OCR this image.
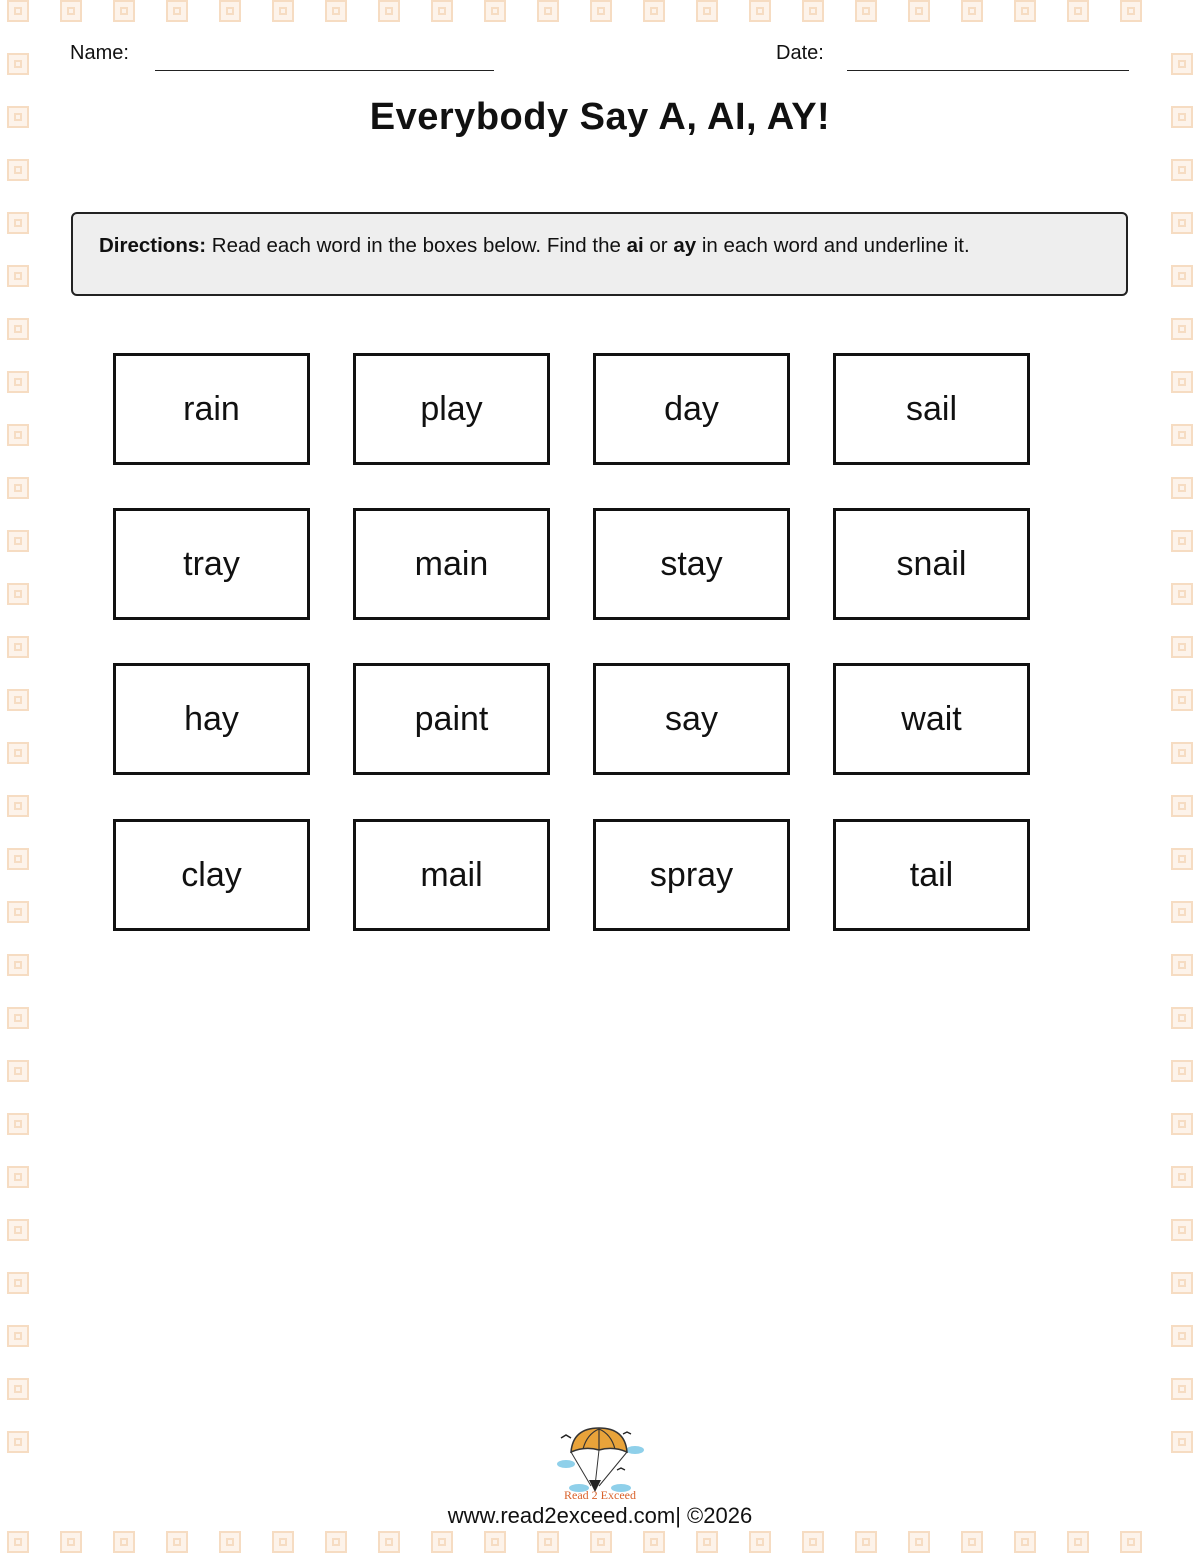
Name:	Date:
Everybody Say A, AI, AY!
Directions: Read each word in the boxes below. Find the ai or ay in each word and underline it.
rain	play	day	sail
tray	main	stay	snail
hay	paint	say	wait
clay	mail	spray	tail
Read 2 Exceed
www.read2exceed.com| ©2026
